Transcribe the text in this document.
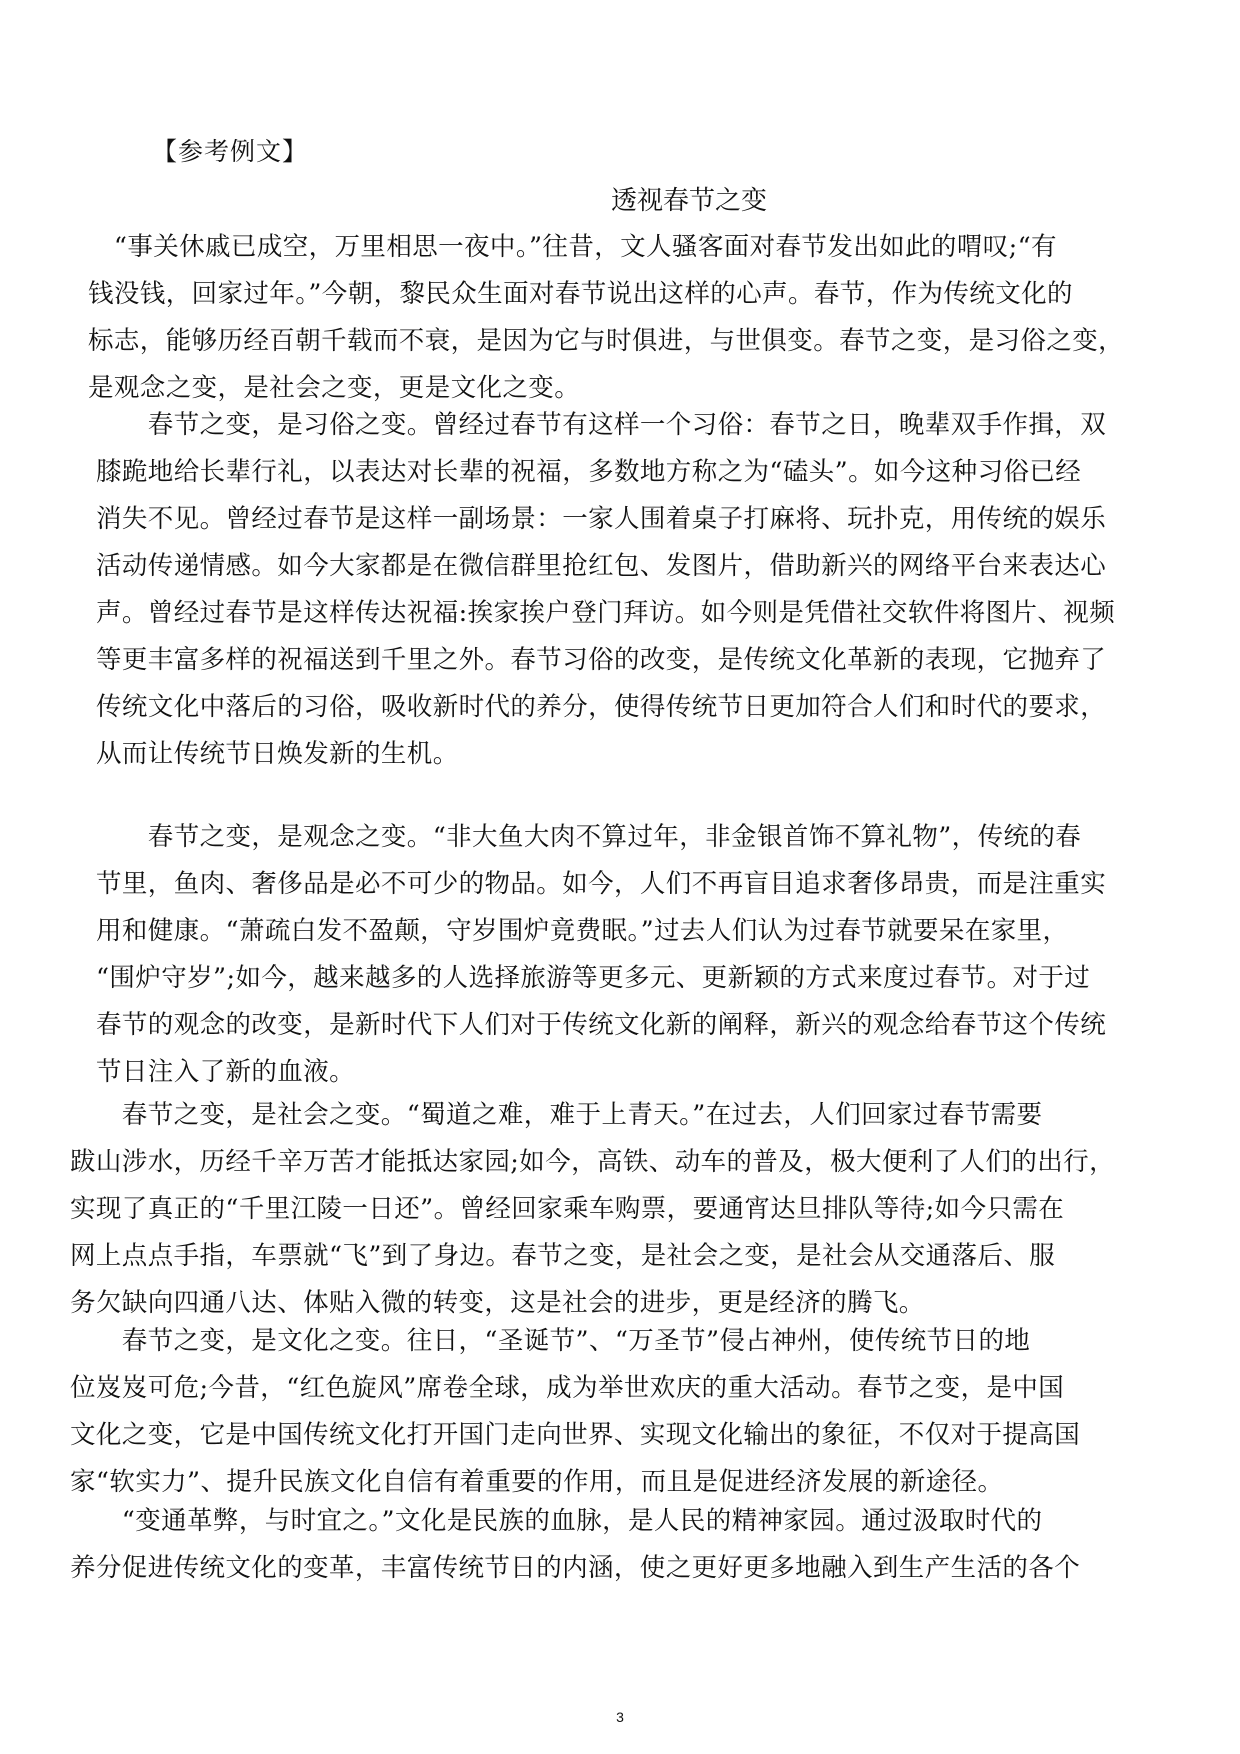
【参考例文】
透视春节之变
　“事关休戚已成空，万里相思一夜中。”往昔，文人骚客面对春节发出如此的喟叹;“有
钱没钱，回家过年。”今朝，黎民众生面对春节说出这样的心声。春节，作为传统文化的
标志，能够历经百朝千载而不衰，是因为它与时俱进，与世俱变。春节之变，是习俗之变，
是观念之变，是社会之变，更是文化之变。
　　春节之变，是习俗之变。曾经过春节有这样一个习俗：春节之日，晚辈双手作揖，双
膝跪地给长辈行礼，以表达对长辈的祝福，多数地方称之为“磕头”。如今这种习俗已经
消失不见。曾经过春节是这样一副场景：一家人围着桌子打麻将、玩扑克，用传统的娱乐
活动传递情感。如今大家都是在微信群里抢红包、发图片，借助新兴的网络平台来表达心
声。曾经过春节是这样传达祝福:挨家挨户登门拜访。如今则是凭借社交软件将图片、视频
等更丰富多样的祝福送到千里之外。春节习俗的改变，是传统文化革新的表现，它抛弃了
传统文化中落后的习俗，吸收新时代的养分，使得传统节日更加符合人们和时代的要求，
从而让传统节日焕发新的生机。
　　春节之变，是观念之变。“非大鱼大肉不算过年，非金银首饰不算礼物”，传统的春
节里，鱼肉、奢侈品是必不可少的物品。如今，人们不再盲目追求奢侈昂贵，而是注重实
用和健康。“萧疏白发不盈颠，守岁围炉竟费眠。”过去人们认为过春节就要呆在家里，
“围炉守岁”;如今，越来越多的人选择旅游等更多元、更新颖的方式来度过春节。对于过
春节的观念的改变，是新时代下人们对于传统文化新的阐释，新兴的观念给春节这个传统
节日注入了新的血液。
　　春节之变，是社会之变。“蜀道之难，难于上青天。”在过去，人们回家过春节需要
跋山涉水，历经千辛万苦才能抵达家园;如今，高铁、动车的普及，极大便利了人们的出行，
实现了真正的“千里江陵一日还”。曾经回家乘车购票，要通宵达旦排队等待;如今只需在
网上点点手指，车票就“飞”到了身边。春节之变，是社会之变，是社会从交通落后、服
务欠缺向四通八达、体贴入微的转变，这是社会的进步，更是经济的腾飞。
　　春节之变，是文化之变。往日，“圣诞节”、“万圣节”侵占神州，使传统节日的地
位岌岌可危;今昔，“红色旋风”席卷全球，成为举世欢庆的重大活动。春节之变，是中国
文化之变，它是中国传统文化打开国门走向世界、实现文化输出的象征，不仅对于提高国
家“软实力”、提升民族文化自信有着重要的作用，而且是促进经济发展的新途径。
　　“变通革弊，与时宜之。”文化是民族的血脉，是人民的精神家园。通过汲取时代的
养分促进传统文化的变革，丰富传统节日的内涵，使之更好更多地融入到生产生活的各个
3
